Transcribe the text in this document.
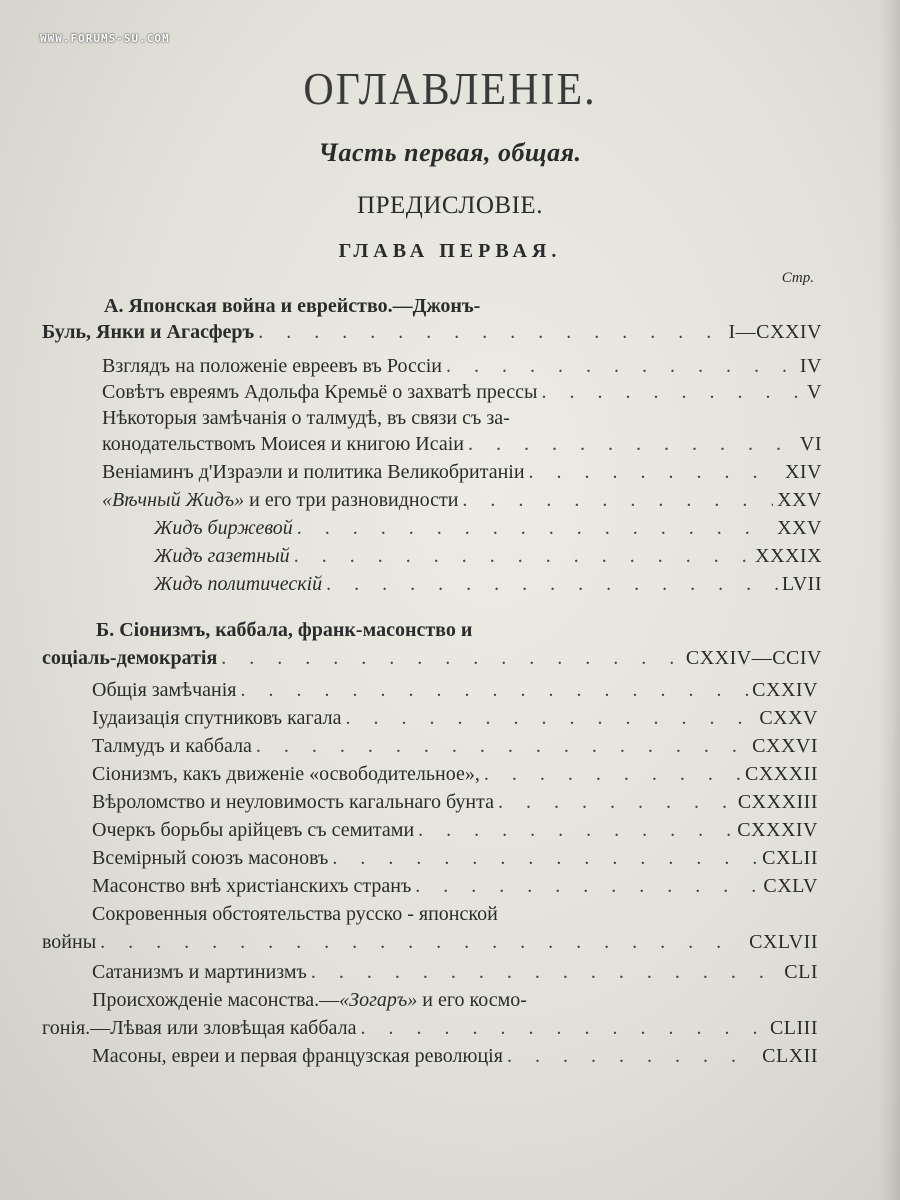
WWW.FORUMS-SU.COM
ОГЛАВЛЕНIЕ.
Часть первая, общая.
ПРЕДИСЛОВIЕ.
ГЛАВА ПЕРВАЯ.
Стр.
А. Японская война и еврейство.—Джонъ-
Буль, Янки и Агасферъ . . .	I—CXXIV
Взглядъ на положенiе евреевъ въ Россiи . . .	IV
Совѣтъ евреямъ Адольфа Кремьё о захватѣ прессы . . .	V
Нѣкоторыя замѣчанiя о талмудѣ, въ связи съ за-
конодательствомъ Моисея и книгою Исаiи . . .	VI
Венiаминъ д'Израэли и политика Великобританiи . . .	XIV
«Вѣчный Жидъ» и его три разновидности . . .	XXV
Жидъ биржевой . . .	XXV
Жидъ газетный . . .	XXXIX
Жидъ политическiй . . .	LVII
Б. Сiонизмъ, каббала, франк-масонство и
соцiаль-демократiя . . .	CXXIV—CCIV
Общiя замѣчанiя . . .	CXXIV
Iудаизацiя спутниковъ кагала . . .	CXXV
Талмудъ и каббала . . .	CXXVI
Сiонизмъ, какъ движенiе «освободительное», . . .	CXXXII
Вѣроломство и неуловимость кагальнаго бунта . . .	CXXXIII
Очеркъ борьбы арiйцевъ съ семитами . . .	CXXXIV
Всемiрный союзъ масоновъ . . .	CXLII
Масонство внѣ христiанскихъ странъ . . .	CXLV
Сокровенныя обстоятельства русско - японской
войны . . .	CXLVII
Сатанизмъ и мартинизмъ . . .	CLI
Происхожденiе масонства.—«Зогаръ» и его космо-
гонiя.—Лѣвая или зловѣщая каббала . . .	CLIII
Масоны, евреи и первая французская революцiя . . .	CLXII
